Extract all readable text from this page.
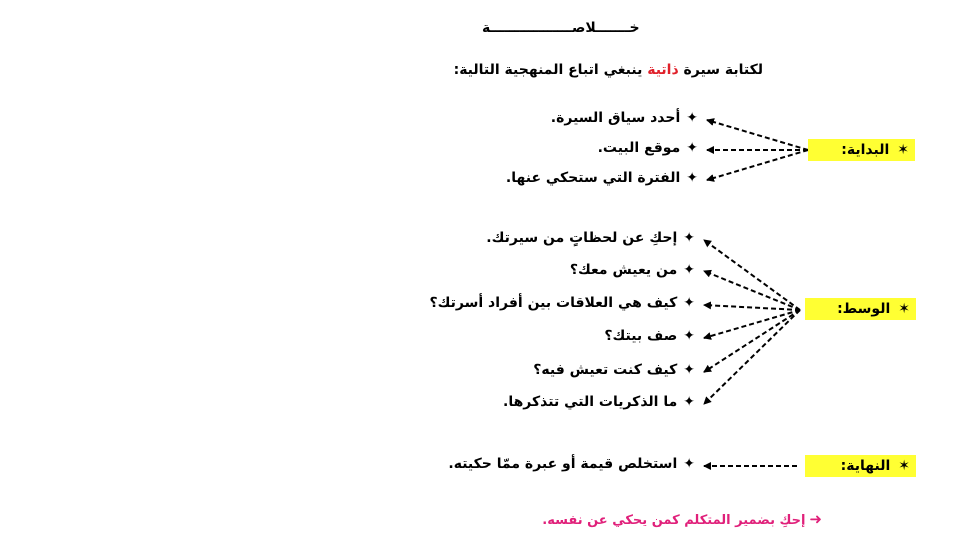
خـــــــلاصـــــــــــــــــة
لكتابة سيرة ذاتية ينبغي اتباع المنهجية التالية:
✶البداية:
✶الوسط:
✶النهاية:
✦أحدد سياق السيرة.
✦موقع البيت.
✦الفترة التي ستحكي عنها.
✦إحكِ عن لحظاتٍ من سيرتك.
✦من يعيش معك؟
✦كيف هي العلاقات بين أفراد أسرتك؟
✦صف بيتك؟
✦كيف كنت تعيش فيه؟
✦ما الذكريات التي تتذكرها.
✦استخلص قيمة أو عبرة ممّا حكيته.
➜إحكِ بضمير المتكلم كمن يحكي عن نفسه.
